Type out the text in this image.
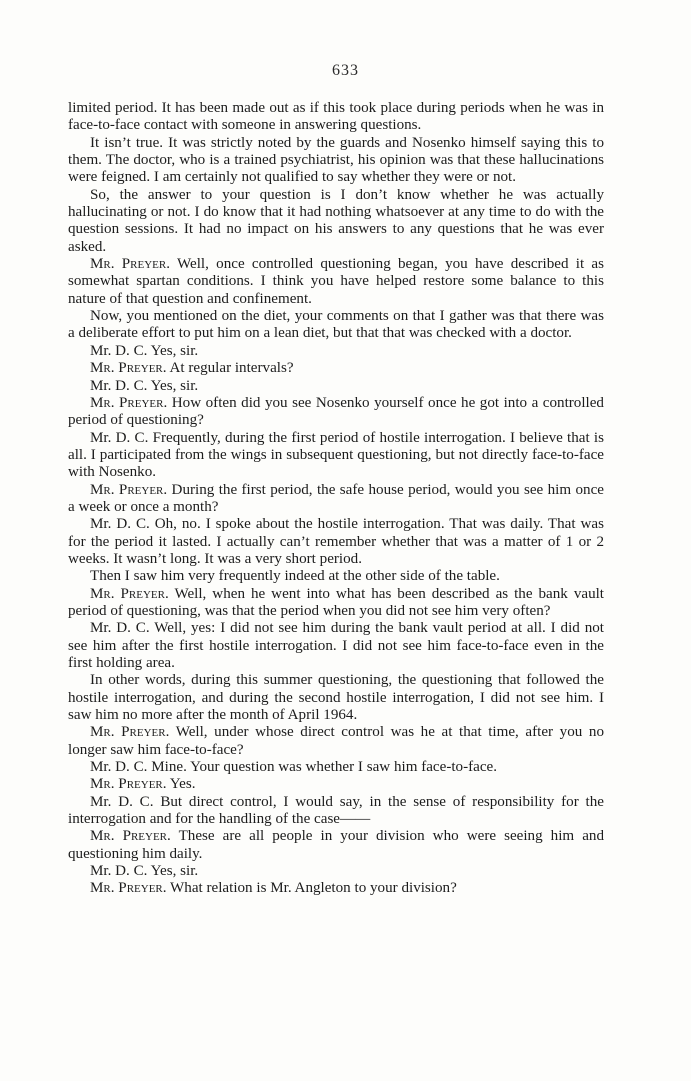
633

limited period. It has been made out as if this took place during periods when he was in face-to-face contact with someone in answering questions.

It isn’t true. It was strictly noted by the guards and Nosenko himself saying this to them. The doctor, who is a trained psychiatrist, his opinion was that these hallucinations were feigned. I am certainly not qualified to say whether they were or not.

So, the answer to your question is I don’t know whether he was actually hallucinating or not. I do know that it had nothing whatsoever at any time to do with the question sessions. It had no impact on his answers to any questions that he was ever asked.

Mr. Preyer. Well, once controlled questioning began, you have described it as somewhat spartan conditions. I think you have helped restore some balance to this nature of that question and confinement.

Now, you mentioned on the diet, your comments on that I gather was that there was a deliberate effort to put him on a lean diet, but that that was checked with a doctor.

Mr. D. C. Yes, sir.

Mr. Preyer. At regular intervals?

Mr. D. C. Yes, sir.

Mr. Preyer. How often did you see Nosenko yourself once he got into a controlled period of questioning?

Mr. D. C. Frequently, during the first period of hostile interrogation. I believe that is all. I participated from the wings in subsequent questioning, but not directly face-to-face with Nosenko.

Mr. Preyer. During the first period, the safe house period, would you see him once a week or once a month?

Mr. D. C. Oh, no. I spoke about the hostile interrogation. That was daily. That was for the period it lasted. I actually can’t remember whether that was a matter of 1 or 2 weeks. It wasn’t long. It was a very short period.

Then I saw him very frequently indeed at the other side of the table.

Mr. Preyer. Well, when he went into what has been described as the bank vault period of questioning, was that the period when you did not see him very often?

Mr. D. C. Well, yes: I did not see him during the bank vault period at all. I did not see him after the first hostile interrogation. I did not see him face-to-face even in the first holding area.

In other words, during this summer questioning, the questioning that followed the hostile interrogation, and during the second hostile interrogation, I did not see him. I saw him no more after the month of April 1964.

Mr. Preyer. Well, under whose direct control was he at that time, after you no longer saw him face-to-face?

Mr. D. C. Mine. Your question was whether I saw him face-to-face.

Mr. Preyer. Yes.

Mr. D. C. But direct control, I would say, in the sense of responsibility for the interrogation and for the handling of the case——

Mr. Preyer. These are all people in your division who were seeing him and questioning him daily.

Mr. D. C. Yes, sir.

Mr. Preyer. What relation is Mr. Angleton to your division?
